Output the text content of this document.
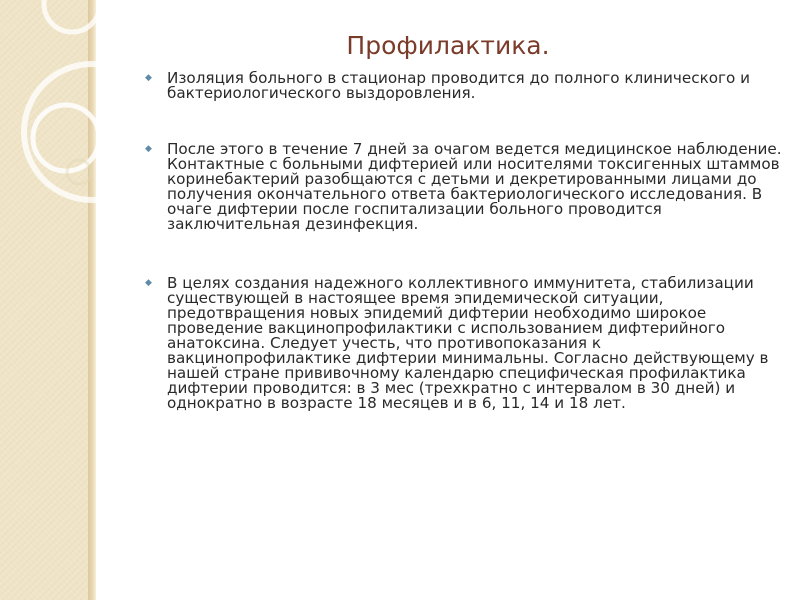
Профилактика.
◆ Изоляция больного в стационар проводится до полного клинического и бактериологического выздоровления.
◆ После этого в течение 7 дней за очагом ведется медицинское наблюдение. Контактные с больными дифтерией или носителями токсигенных штаммов коринебактерий разобщаются с детьми и декретированными лицами до получения окончательного ответа бактериологического исследования. В очаге дифтерии после госпитализации больного проводится заключительная дезинфекция.
◆ В целях создания надежного коллективного иммунитета, стабилизации существующей в настоящее время эпидемической ситуации, предотвращения новых эпидемий дифтерии необходимо широкое проведение вакцинопрофилактики с использованием дифтерийного анатоксина. Следует учесть, что противопоказания к вакцинопрофилактике дифтерии минимальны. Согласно действующему в нашей стране прививочному календарю специфическая профилактика дифтерии проводится: в 3 мес (трехкратно с интервалом в 30 дней) и однократно в возрасте 18 месяцев и в 6, 11, 14 и 18 лет.
